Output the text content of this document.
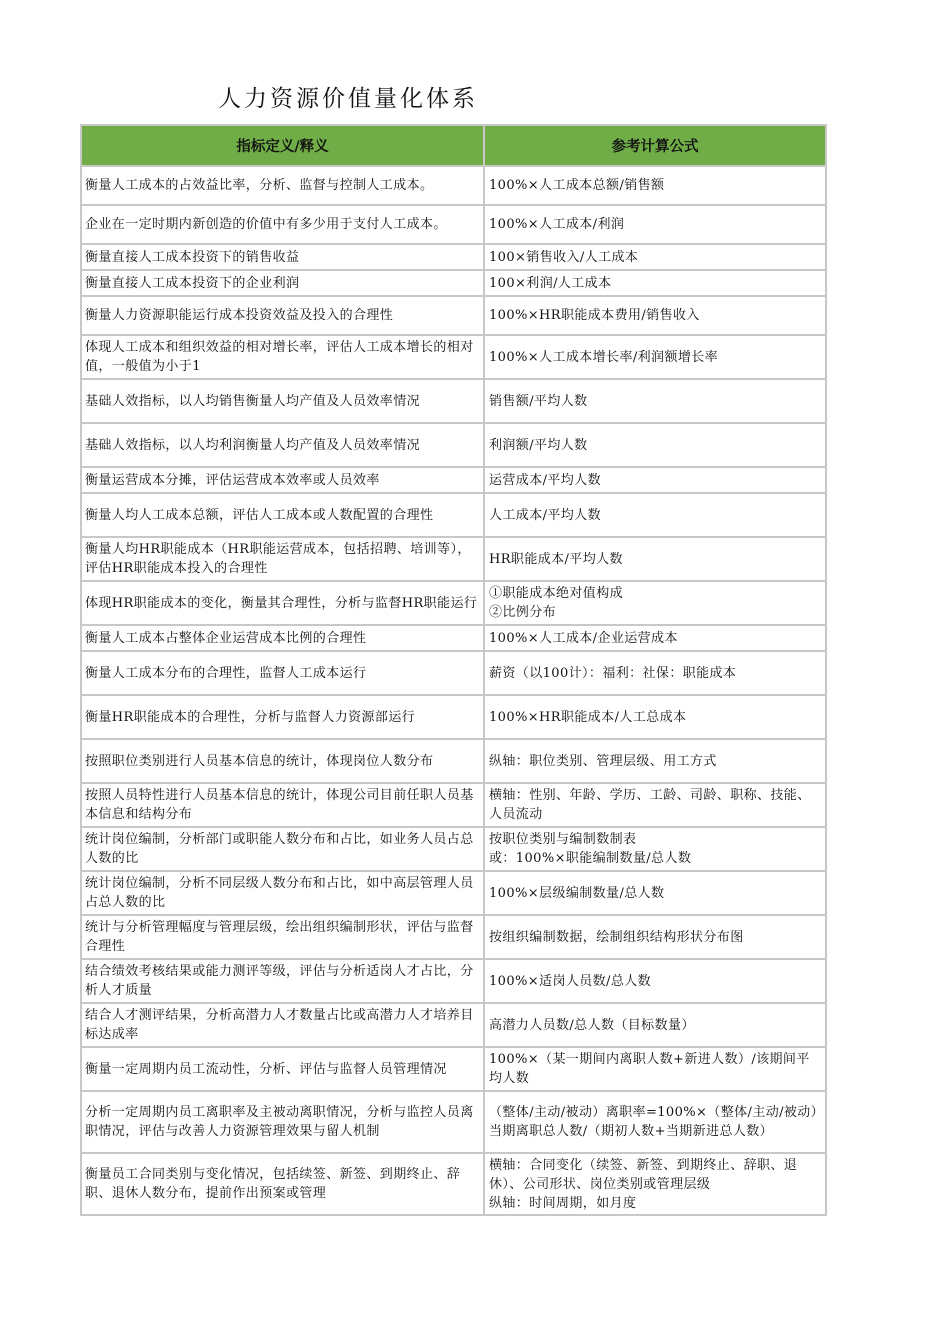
人力资源价值量化体系
指标定义/释义	参考计算公式
衡量人工成本的占效益比率，分析、监督与控制人工成本。	100%×人工成本总额/销售额
企业在一定时期内新创造的价值中有多少用于支付人工成本。	100%×人工成本/利润
衡量直接人工成本投资下的销售收益	100×销售收入/人工成本
衡量直接人工成本投资下的企业利润	100×利润/人工成本
衡量人力资源职能运行成本投资效益及投入的合理性	100%×HR职能成本费用/销售收入
体现人工成本和组织效益的相对增长率，评估人工成本增长的相对值，一般值为小于1	100%×人工成本增长率/利润额增长率
基础人效指标，以人均销售衡量人均产值及人员效率情况	销售额/平均人数
基础人效指标，以人均利润衡量人均产值及人员效率情况	利润额/平均人数
衡量运营成本分摊，评估运营成本效率或人员效率	运营成本/平均人数
衡量人均人工成本总额，评估人工成本或人数配置的合理性	人工成本/平均人数
衡量人均HR职能成本（HR职能运营成本，包括招聘、培训等），评估HR职能成本投入的合理性	HR职能成本/平均人数
体现HR职能成本的变化，衡量其合理性，分析与监督HR职能运行	①职能成本绝对值构成
②比例分布
衡量人工成本占整体企业运营成本比例的合理性	100%×人工成本/企业运营成本
衡量人工成本分布的合理性，监督人工成本运行	薪资（以100计）：福利：社保：职能成本
衡量HR职能成本的合理性，分析与监督人力资源部运行	100%×HR职能成本/人工总成本
按照职位类别进行人员基本信息的统计，体现岗位人数分布	纵轴：职位类别、管理层级、用工方式
按照人员特性进行人员基本信息的统计，体现公司目前任职人员基本信息和结构分布	横轴：性别、年龄、学历、工龄、司龄、职称、技能、人员流动
统计岗位编制，分析部门或职能人数分布和占比，如业务人员占总人数的比	按职位类别与编制数制表
或：100%×职能编制数量/总人数
统计岗位编制，分析不同层级人数分布和占比，如中高层管理人员占总人数的比	100%×层级编制数量/总人数
统计与分析管理幅度与管理层级，绘出组织编制形状，评估与监督合理性	按组织编制数据，绘制组织结构形状分布图
结合绩效考核结果或能力测评等级，评估与分析适岗人才占比，分析人才质量	100%×适岗人员数/总人数
结合人才测评结果，分析高潜力人才数量占比或高潜力人才培养目标达成率	高潜力人员数/总人数（目标数量）
衡量一定周期内员工流动性，分析、评估与监督人员管理情况	100%×（某一期间内离职人数+新进人数）/该期间平均人数
分析一定周期内员工离职率及主被动离职情况，分析与监控人员离职情况，评估与改善人力资源管理效果与留人机制	（整体/主动/被动）离职率=100%×（整体/主动/被动）当期离职总人数/（期初人数+当期新进总人数）
衡量员工合同类别与变化情况，包括续签、新签、到期终止、辞职、退休人数分布，提前作出预案或管理	横轴：合同变化（续签、新签、到期终止、辞职、退休）、公司形状、岗位类别或管理层级
纵轴：时间周期，如月度
